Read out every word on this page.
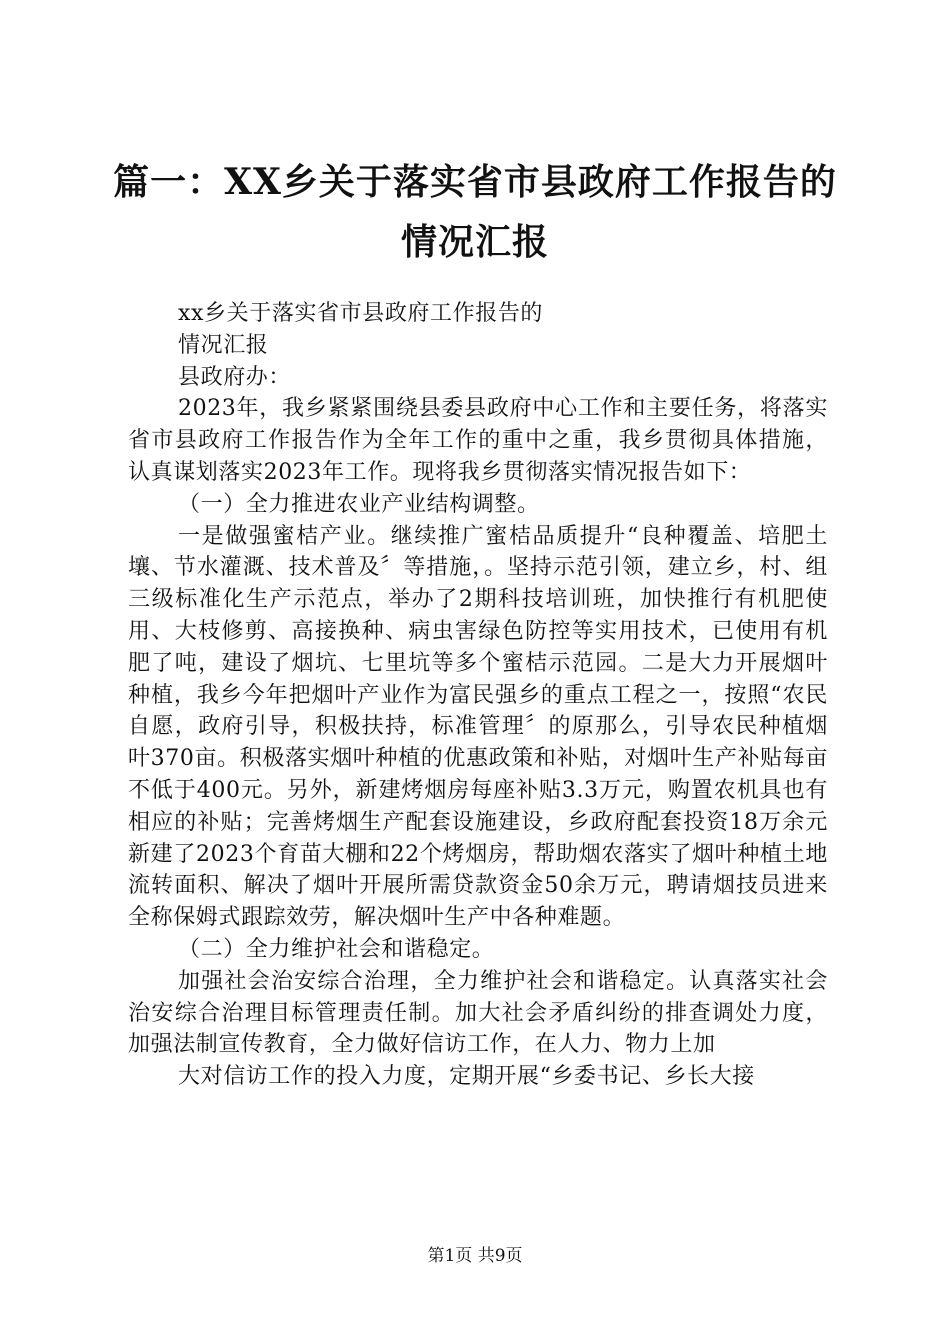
篇一：XX乡关于落实省市县政府工作报告的
情况汇报

xx乡关于落实省市县政府工作报告的

情况汇报

县政府办：

2023年，我乡紧紧围绕县委县政府中心工作和主要任务，将落实省市县政府工作报告作为全年工作的重中之重，我乡贯彻具体措施，认真谋划落实2023年工作。现将我乡贯彻落实情况报告如下：

（一）全力推进农业产业结构调整。

一是做强蜜桔产业。继续推广蜜桔品质提升“良种覆盖、培肥土壤、节水灌溉、技术普及〞等措施，。坚持示范引领，建立乡，村、组三级标准化生产示范点，举办了2期科技培训班，加快推行有机肥使用、大枝修剪、高接换种、病虫害绿色防控等实用技术，已使用有机肥了吨，建设了烟坑、七里坑等多个蜜桔示范园。二是大力开展烟叶种植，我乡今年把烟叶产业作为富民强乡的重点工程之一，按照“农民自愿，政府引导，积极扶持，标准管理〞的原那么，引导农民种植烟叶370亩。积极落实烟叶种植的优惠政策和补贴，对烟叶生产补贴每亩不低于400元。另外，新建烤烟房每座补贴3.3万元，购置农机具也有相应的补贴；完善烤烟生产配套设施建设，乡政府配套投资18万余元新建了2023个育苗大棚和22个烤烟房，帮助烟农落实了烟叶种植土地流转面积、解决了烟叶开展所需贷款资金50余万元，聘请烟技员进来全称保姆式跟踪效劳，解决烟叶生产中各种难题。

（二）全力维护社会和谐稳定。

加强社会治安综合治理，全力维护社会和谐稳定。认真落实社会治安综合治理目标管理责任制。加大社会矛盾纠纷的排查调处力度，加强法制宣传教育，全力做好信访工作，在人力、物力上加

大对信访工作的投入力度，定期开展“乡委书记、乡长大接

第1页 共9页
